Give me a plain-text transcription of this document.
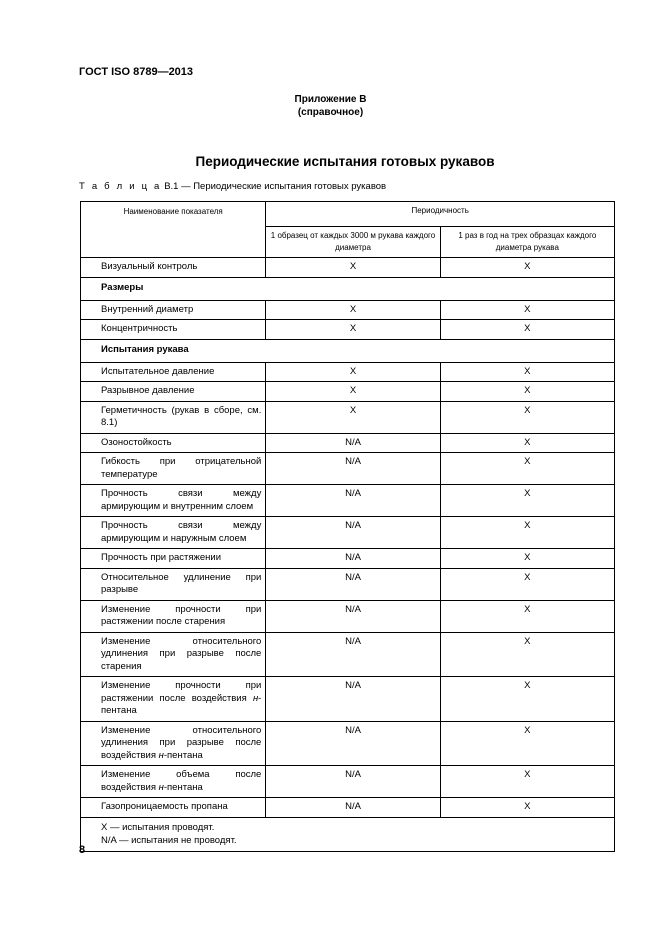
ГОСТ ISO 8789—2013
Приложение В
(справочное)
Периодические испытания готовых рукавов
Т а б л и ц а В.1 — Периодические испытания готовых рукавов
Наименование показателя	Периодичность	
	1 образец от каждых 3000 м рукава каждого диаметра	1 раз в год на трех образцах каждого диаметра рукава
Визуальный контроль	X	X
Размеры		
Внутренний диаметр	X	X
Концентричность	X	X
Испытания рукава		
Испытательное давление	X	X
Разрывное давление	X	X
Герметичность (рукав в сборе, см. 8.1)	X	X
Озоностойкость	N/A	X
Гибкость при отрицательной температуре	N/A	X
Прочность связи между армирующим и внутренним слоем	N/A	X
Прочность связи между армирующим и наружным слоем	N/A	X
Прочность при растяжении	N/A	X
Относительное удлинение при разрыве	N/A	X
Изменение прочности при растяжении после старения	N/A	X
Изменение относительного удлинения при разрыве после старения	N/A	X
Изменение прочности при растяжении после воздействия н-пентана	N/A	X
Изменение относительного удлинения при разрыве после воздействия н-пентана	N/A	X
Изменение объема после воздействия н-пентана	N/A	X
Газопроницаемость пропана	N/A	X

X — испытания проводят.
N/A — испытания не проводят.		
8
